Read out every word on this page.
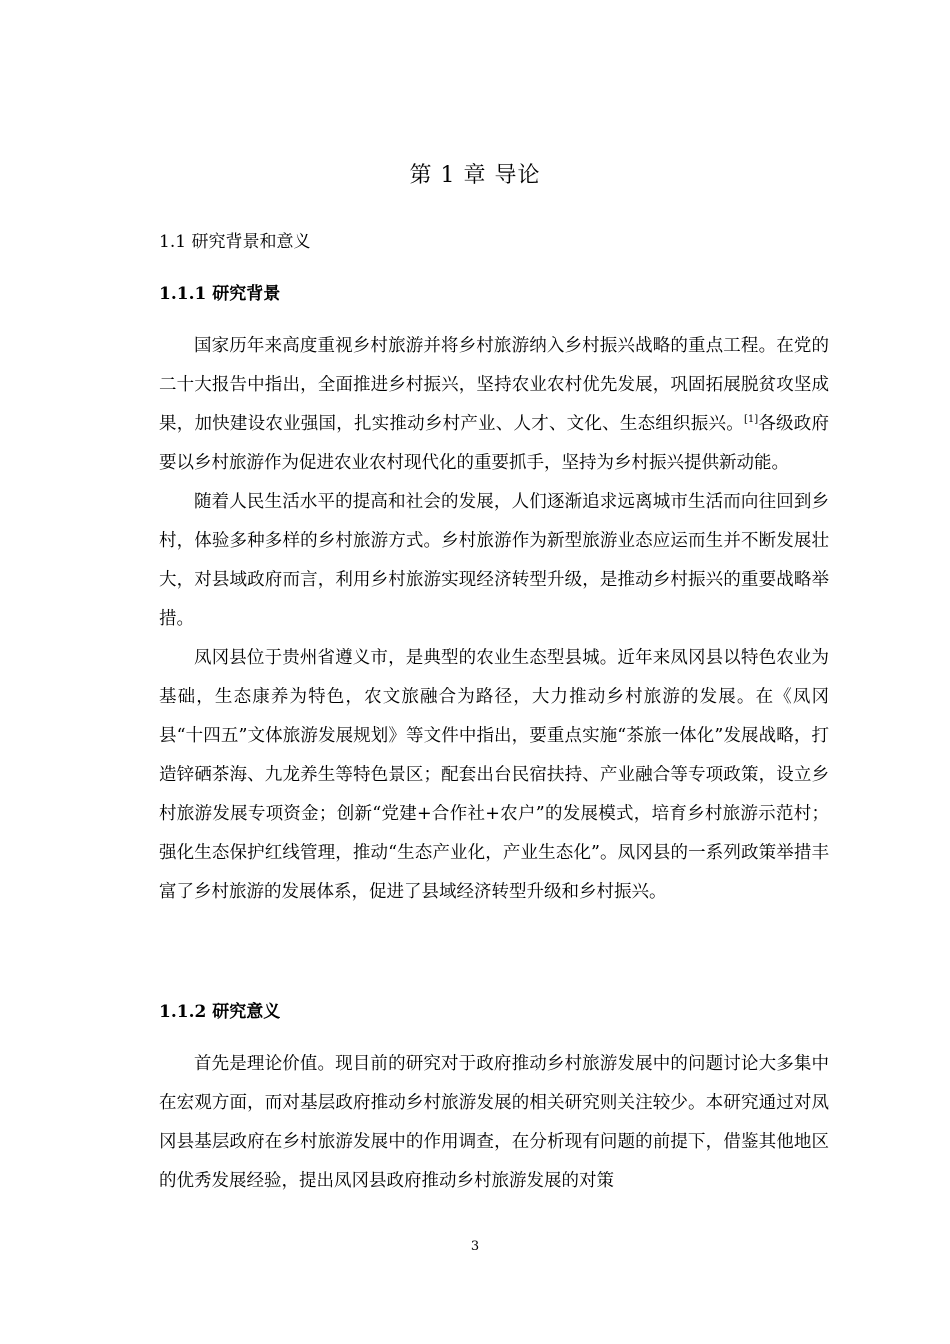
第 1 章 导论
1.1 研究背景和意义
1.1.1 研究背景

国家历年来高度重视乡村旅游并将乡村旅游纳入乡村振兴战略的重点工程。在党的二十大报告中指出，全面推进乡村振兴，坚持农业农村优先发展，巩固拓展脱贫攻坚成果，加快建设农业强国，扎实推动乡村产业、人才、文化、生态组织振兴。[1]各级政府要以乡村旅游作为促进农业农村现代化的重要抓手，坚持为乡村振兴提供新动能。

随着人民生活水平的提高和社会的发展，人们逐渐追求远离城市生活而向往回到乡村，体验多种多样的乡村旅游方式。乡村旅游作为新型旅游业态应运而生并不断发展壮大，对县域政府而言，利用乡村旅游实现经济转型升级，是推动乡村振兴的重要战略举措。

凤冈县位于贵州省遵义市，是典型的农业生态型县城。近年来凤冈县以特色农业为基础，生态康养为特色，农文旅融合为路径，大力推动乡村旅游的发展。在《凤冈县“十四五”文体旅游发展规划》等文件中指出，要重点实施“茶旅一体化”发展战略，打造锌硒茶海、九龙养生等特色景区；配套出台民宿扶持、产业融合等专项政策，设立乡村旅游发展专项资金；创新“党建+合作社+农户”的发展模式，培育乡村旅游示范村；强化生态保护红线管理，推动“生态产业化，产业生态化”。凤冈县的一系列政策举措丰富了乡村旅游的发展体系，促进了县域经济转型升级和乡村振兴。

1.1.2 研究意义

首先是理论价值。现目前的研究对于政府推动乡村旅游发展中的问题讨论大多集中在宏观方面，而对基层政府推动乡村旅游发展的相关研究则关注较少。本研究通过对凤冈县基层政府在乡村旅游发展中的作用调查，在分析现有问题的前提下，借鉴其他地区的优秀发展经验，提出凤冈县政府推动乡村旅游发展的对策

3
